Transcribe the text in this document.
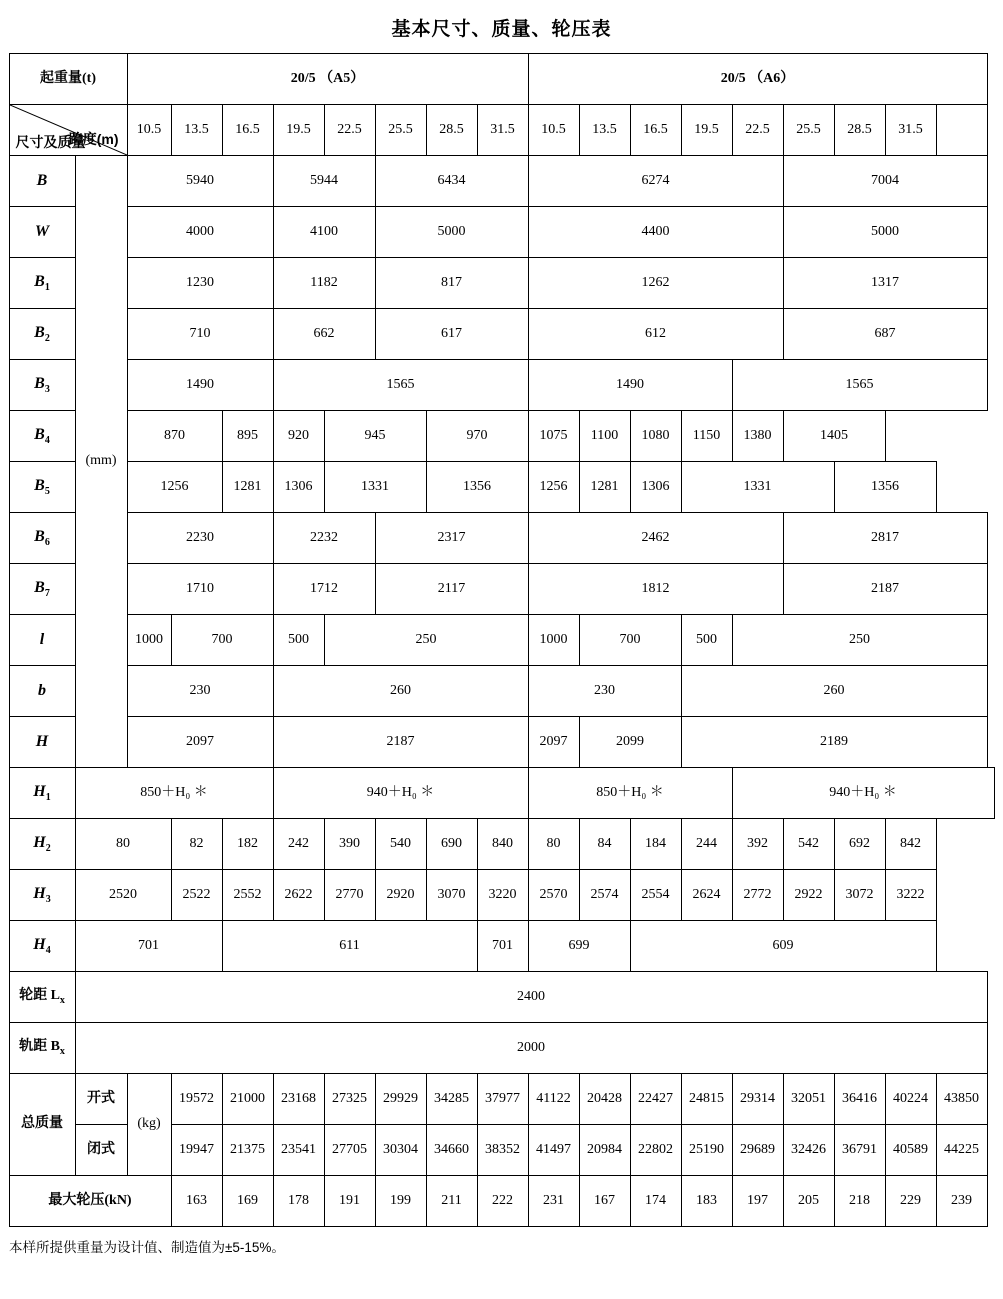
基本尺寸、质量、轮压表
起重量(t)		20/5 （A5）								20/5 （A6）								

跨度(m)
尺寸及质量		10.5	13.5	16.5	19.5	22.5	25.5	28.5	31.5	10.5	13.5	16.5	19.5	22.5	25.5	28.5	31.5	
B	(mm)	5940			5944		6434			6274					7004			
W		4000			4100		5000			4400					5000			
$B_1$		1230			1182		817			1262					1317			
$B_2$		710			662		617			612					687			
$B_3$		1490			1565					1490				1565				
$B_4$		870		895	920	945		970		1075	1100	1080	1150	1380	1405			
$B_5$		1256		1281	1306	1331		1356		1256	1281	1306	1331			1356		
$B_6$		2230			2232		2317			2462					2817			
$B_7$		1710			1712		2117			1812					2187			
l		1000	700		500	250				1000	700		500	250				
b		230			260					230			260					
H		2097			2187					2097	2099		2189					
$H_1$	850＋H₀ ＊				940＋H₀ ＊					850＋H₀ ＊				940＋H₀ ＊				
$H_2$	80		82	182	242	390	540	690	840	80	84	184	244	392	542	692	842	
$H_3$	2520		2522	2552	2622	2770	2920	3070	3220	2570	2574	2554	2624	2772	2922	3072	3222	
$H_4$	701			611					701	699		609						
轮距 $L_x$	2400																	
轨距 $B_x$	2000																	
总质量	开式	(kg)	19572	21000	23168	27325	29929	34285	37977	41122	20428	22427	24815	29314	32051	36416	40224	43850
	闭式		19947	21375	23541	27705	30304	34660	38352	41497	20984	22802	25190	29689	32426	36791	40589	44225
最大轮压(kN)			163	169	178	191	199	211	222	231	167	174	183	197	205	218	229	239
本样所提供重量为设计值、制造值为±5-15%。
